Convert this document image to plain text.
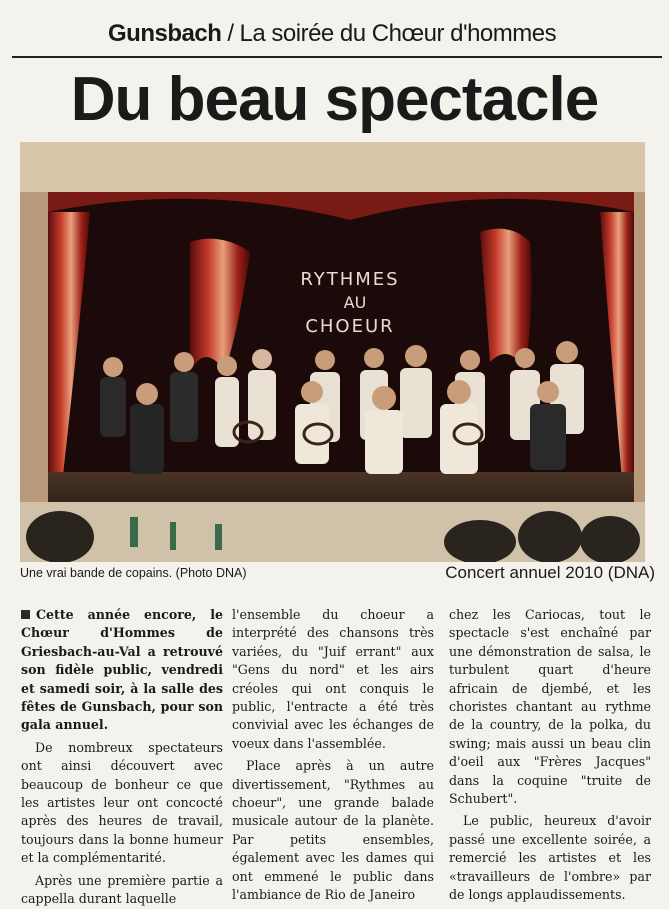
Gunsbach / La soirée du Chœur d'hommes
Du beau spectacle
RYTHMES
AU
CHOEUR
Une vrai bande de copains. (Photo DNA)	Concert annuel 2010 (DNA)

Cette année encore, le Chœur d'Hommes de Griesbach-au-Val a retrouvé son fidèle public, vendredi et samedi soir, à la salle des fêtes de Gunsbach, pour son gala annuel.

De nombreux spectateurs ont ainsi découvert avec beaucoup de bonheur ce que les artistes leur ont concocté après des heures de travail, toujours dans la bonne humeur et la complémentarité.

Après une première partie a cappella durant laquelle

l'ensemble du choeur a interprété des chansons très variées, du "Juif errant" aux "Gens du nord" et les airs créoles qui ont conquis le public, l'entracte a été très convivial avec les échanges de voeux dans l'assemblée.

Place après à un autre divertissement, "Rythmes au choeur", une grande balade musicale autour de la planète. Par petits ensembles, également avec les dames qui ont emmené le public dans l'ambiance de Rio de Janeiro

chez les Cariocas, tout le spectacle s'est enchaîné par une démonstration de salsa, le turbulent quart d'heure africain de djembé, et les choristes chantant au rythme de la country, de la polka, du swing; mais aussi un beau clin d'oeil aux "Frères Jacques" dans la coquine "truite de Schubert".

Le public, heureux d'avoir passé une excellente soirée, a remercié les artistes et les «travailleurs de l'ombre» par de longs applaudissements.
